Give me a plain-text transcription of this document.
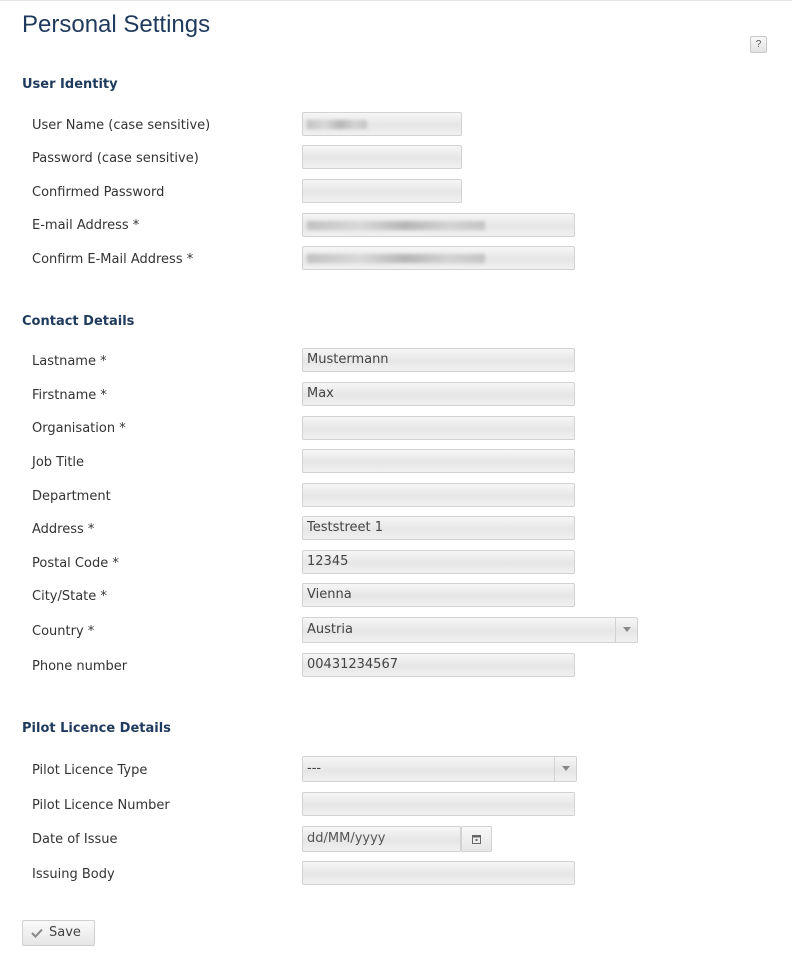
Personal Settings
?
User Identity
User Name (case sensitive)
Password (case sensitive)
Confirmed Password
E-mail Address *
Confirm E-Mail Address *
Contact Details
Lastname *	Mustermann
Firstname *	Max
Organisation *
Job Title
Department
Address *	Teststreet 1
Postal Code *	12345
City/State *	Vienna
Country *	Austria
Phone number	00431234567
Pilot Licence Details
Pilot Licence Type	---
Pilot Licence Number
Date of Issue	dd/MM/yyyy
Issuing Body
Save
